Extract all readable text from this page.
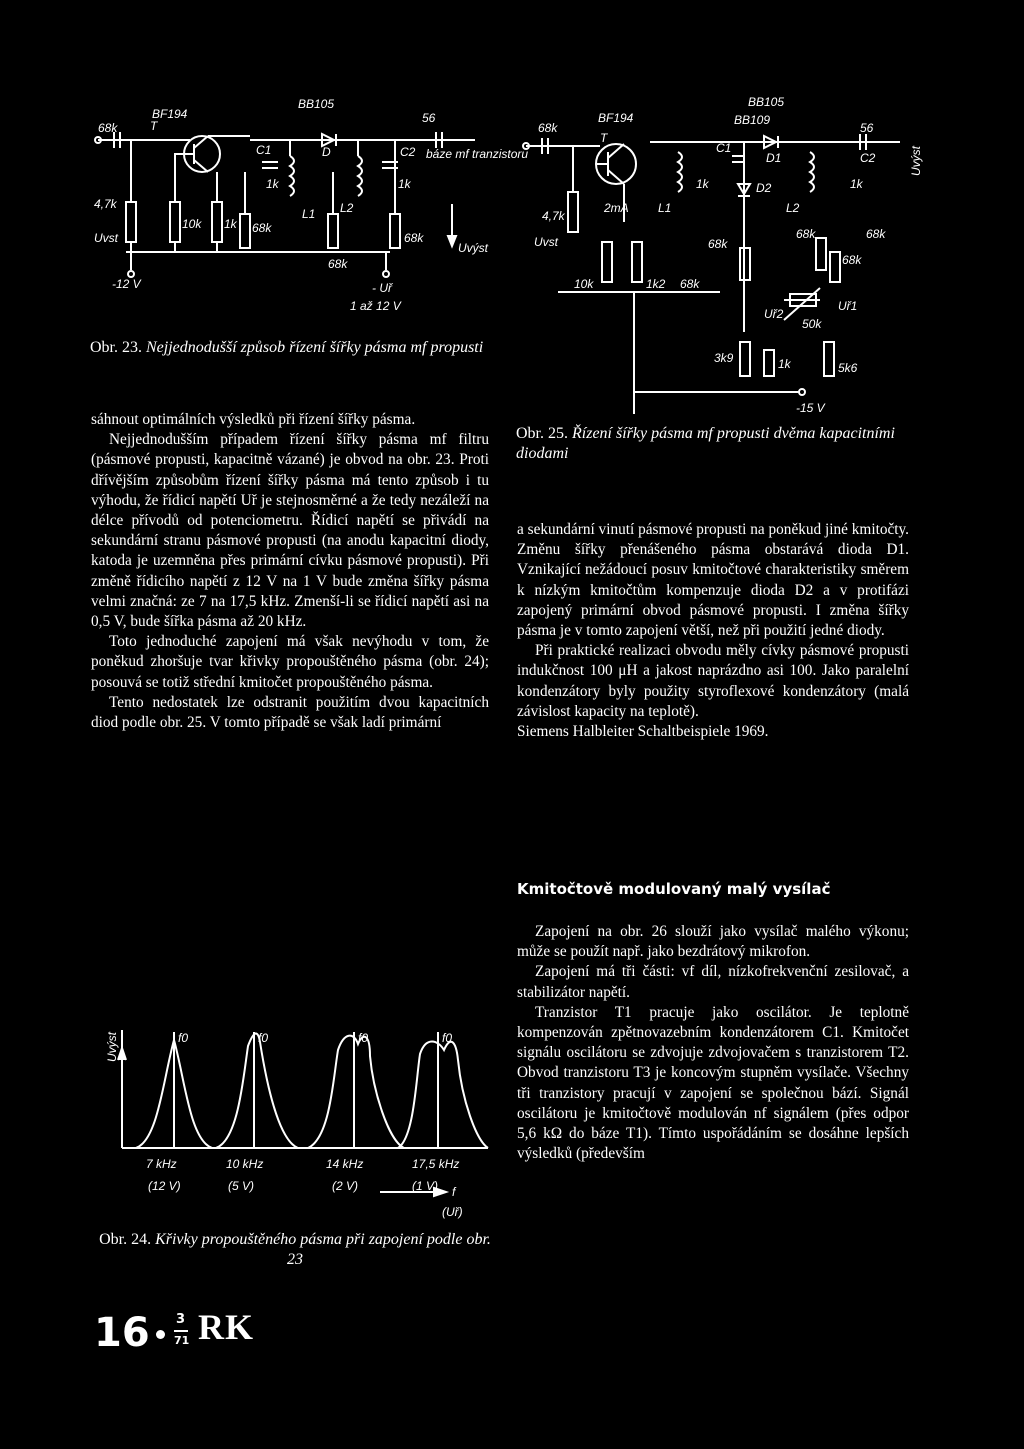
68k	T
BF194
BB105
56
C1	D	C2 báze mf tranzistoru
1k	1k
4,7k
Uvst
10k 1k 68k
L1 L2
68k
68k
Uvýst
-12 V	- Uř
1 až 12 V
Obr. 23. Nejjednodušší způsob řízení šířky pásma mf propusti

sáhnout optimálních výsledků při řízení šířky pásma.

Nejjednodušším případem řízení šířky pásma mf filtru (pásmové propusti, kapacitně vázané) je obvod na obr. 23. Proti dřívějším způsobům řízení šířky pásma má tento způsob i tu výhodu, že řídicí napětí Uř je stejnosměrné a že tedy nezáleží na délce přívodů od potenciometru. Řídicí napětí se přivádí na sekundární stranu pásmové propusti (na anodu kapacitní diody, katoda je uzemněna přes primární cívku pásmové propusti). Při změně řídicího napětí z 12 V na 1 V bude změna šířky pásma velmi značná: ze 7 na 17,5 kHz. Zmenší-li se řídicí napětí asi na 0,5 V, bude šířka pásma až 20 kHz.

Toto jednoduché zapojení má však nevýhodu v tom, že poněkud zhoršuje tvar křivky propouštěného pásma (obr. 24); posouvá se totiž střední kmitočet propouštěného pásma.

Tento nedostatek lze odstranit použitím dvou kapacitních diod podle obr. 25. V tomto případě se však ladí primární

Uvýst	f0	f0	f0	f0
7 kHz	10 kHz	14 kHz	17,5 kHz
(12 V)	(5 V)	(2 V)	(1 V) f
(Uř)
Obr. 24. Křivky propouštěného pásma při zapojení podle obr. 23
BB105
BB109
BF194
68k
T
56
C1
D1	C2	Uvýst
1k	D2	1k
4,7k
2mA L1	L2
Uvst	68k
68k	68k
68k
10k	1k2 68k
Uř2
Uř1
50k
3k9	1k	5k6
-15 V
Obr. 25. Řízení šířky pásma mf propusti dvěma kapacitními diodami

a sekundární vinutí pásmové propusti na poněkud jiné kmitočty. Změnu šířky přenášeného pásma obstarává dioda D1. Vznikající nežádoucí posuv kmitočtové charakteristiky směrem k nízkým kmitočtům kompenzuje dioda D2 a v protifázi zapojený primární obvod pásmové propusti. I změna šířky pásma je v tomto zapojení větší, než při použití jedné diody.

Při praktické realizaci obvodu měly cívky pásmové propusti indukčnost 100 μH a jakost naprázdno asi 100. Jako paralelní kondenzátory byly použity styroflexové kondenzátory (malá závislost kapacity na teplotě).

Siemens Halbleiter Schaltbeispiele 1969.

Kmitočtově modulovaný malý vysílač

Zapojení na obr. 26 slouží jako vysílač malého výkonu; může se použít např. jako bezdrátový mikrofon.

Zapojení má tři části: vf díl, nízkofrekvenční zesilovač, a stabilizátor napětí.

Tranzistor T1 pracuje jako oscilátor. Je teplotně kompenzován zpětnovazebním kondenzátorem C1. Kmitočet signálu oscilátoru se zdvojuje zdvojovačem s tranzistorem T2. Obvod tranzistoru T3 je koncovým stupněm vysílače. Všechny tři tranzistory pracují v zapojení se společnou bází. Signál oscilátoru je kmitočtově modulován nf signálem (přes odpor 5,6 kΩ do báze T1). Tímto uspořádáním se dosáhne lepších výsledků (především

16 3
71 R K
